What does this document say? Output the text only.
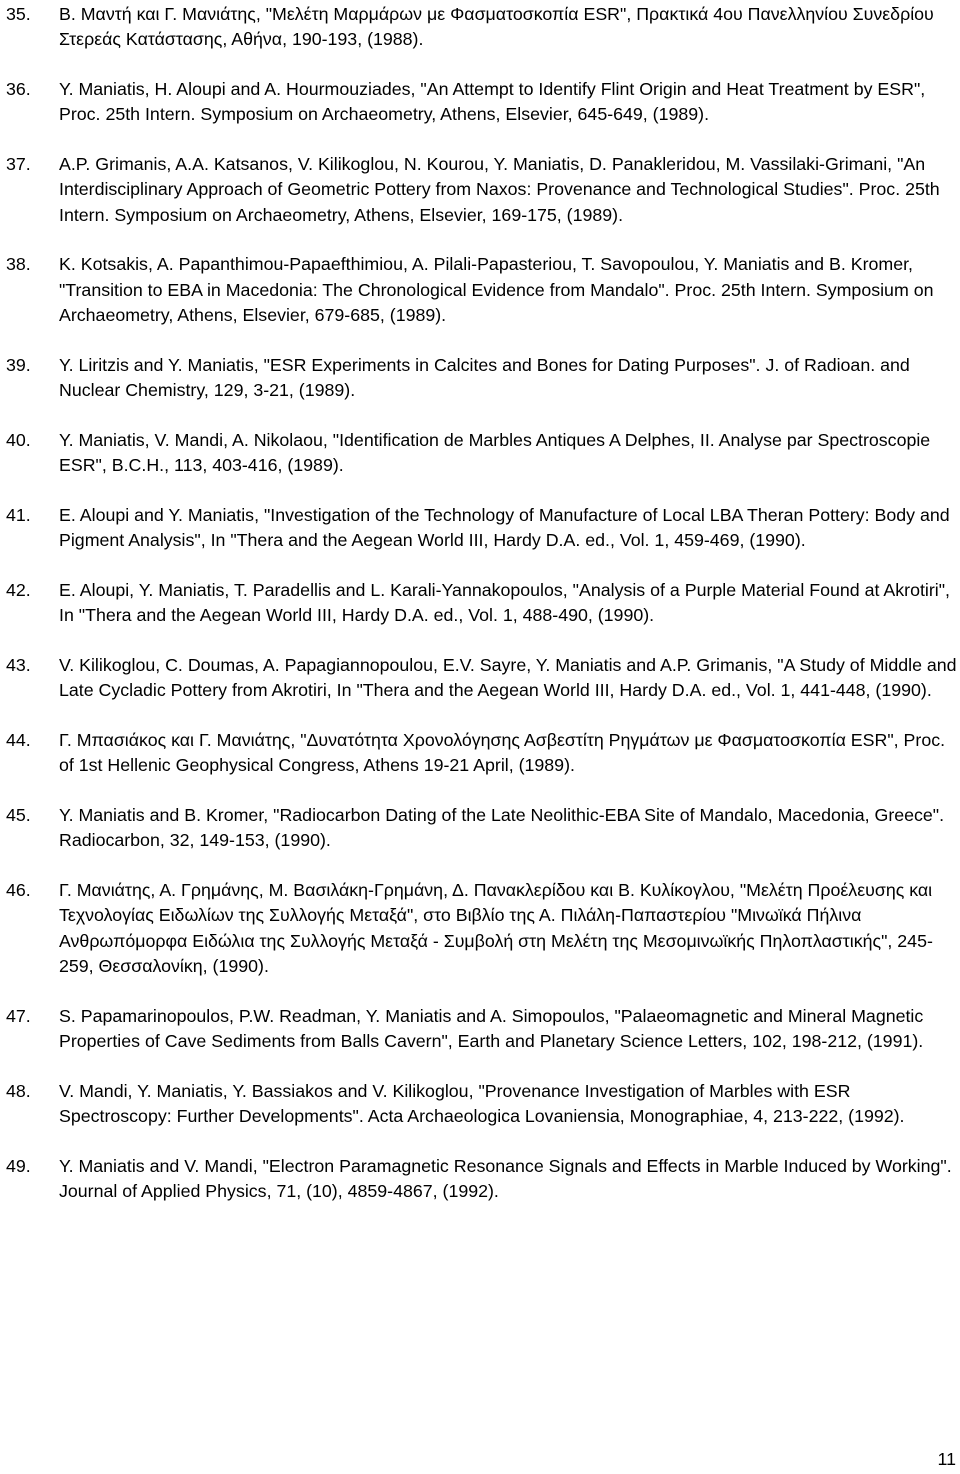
35. Β. Μαντή και Γ. Μανιάτης, "Μελέτη Μαρμάρων με Φασματοσκοπία ESR", Πρακτικά 4ου Πανελληνίου Συνεδρίου Στερεάς Κατάστασης, Αθήνα, 190-193, (1988).
36. Y. Maniatis, H. Aloupi and A. Hourmouziades, "An Attempt to Identify Flint Origin and Heat Treatment by ESR", Proc. 25th Intern. Symposium on Archaeometry, Athens, Elsevier, 645-649, (1989).
37. A.P. Grimanis, A.A. Katsanos, V. Kilikoglou, N. Kourou, Y. Maniatis, D. Panakleridou, M. Vassilaki-Grimani, "An Interdisciplinary Approach of Geometric Pottery from Naxos: Provenance and Technological Studies". Proc. 25th Intern. Symposium on Archaeometry, Athens, Elsevier, 169-175, (1989).
38. K. Kotsakis, A. Papanthimou-Papaefthimiou, A. Pilali-Papasteriou, T. Savopoulou, Y. Maniatis and B. Kromer, "Transition to EBA in Macedonia: The Chronological Evidence from Mandalo". Proc. 25th Intern. Symposium on Archaeometry, Athens, Elsevier, 679-685, (1989).
39. Y. Liritzis and Y. Maniatis, "ESR Experiments in Calcites and Bones for Dating Purposes". J. of Radioan. and Nuclear Chemistry, 129, 3-21, (1989).
40. Y. Maniatis, V. Mandi, A. Nikolaou, "Identification de Marbles Antiques A Delphes, II. Analyse par Spectroscopie ESR", B.C.H., 113, 403-416, (1989).
41. E. Aloupi and Y. Maniatis, "Investigation of the Technology of Manufacture of Local LBA Theran Pottery: Body and Pigment Analysis", In "Thera and the Aegean World III, Hardy D.A. ed., Vol. 1, 459-469, (1990).
42. E. Aloupi, Y. Maniatis, T. Paradellis and L. Karali-Yannakopoulos, "Analysis of a Purple Material Found at Akrotiri", In "Thera and the Aegean World III, Hardy D.A. ed., Vol. 1, 488-490, (1990).
43. V. Kilikoglou, C. Doumas, A. Papagiannopoulou, E.V. Sayre, Y. Maniatis and A.P. Grimanis, "A Study of Middle and Late Cycladic Pottery from Akrotiri, In "Thera and the Aegean World III, Hardy D.A. ed., Vol. 1, 441-448, (1990).
44. Γ. Μπασιάκος και Γ. Μανιάτης, "Δυνατότητα Χρονολόγησης Ασβεστίτη Ρηγμάτων με Φασματοσκοπία ESR", Proc. of 1st Hellenic Geophysical Congress, Athens 19-21 April, (1989).
45. Y. Maniatis and B. Kromer, "Radiocarbon Dating of the Late Neolithic-EBA Site of Mandalo, Macedonia, Greece". Radiocarbon, 32, 149-153, (1990).
46. Γ. Μανιάτης, Α. Γρημάνης, Μ. Βασιλάκη-Γρημάνη, Δ. Πανακλερίδου και Β. Κυλίκογλου, "Μελέτη Προέλευσης και Τεχνολογίας Ειδωλίων της Συλλογής Μεταξά", στο Βιβλίο της Α. Πιλάλη-Παπαστερίου "Μινωϊκά Πήλινα Ανθρωπόμορφα Ειδώλια της Συλλογής Μεταξά - Συμβολή στη Μελέτη της Μεσομινωϊκής Πηλοπλαστικής", 245-259, Θεσσαλονίκη, (1990).
47. S. Papamarinopoulos, P.W. Readman, Y. Maniatis and A. Simopoulos, "Palaeomagnetic and Mineral Magnetic Properties of Cave Sediments from Balls Cavern", Earth and Planetary Science Letters, 102, 198-212, (1991).
48. V. Mandi, Y. Maniatis, Y. Bassiakos and V. Kilikoglou, "Provenance Investigation of Marbles with ESR Spectroscopy: Further Developments". Acta Archaeologica Lovaniensia, Monographiae, 4, 213-222, (1992).
49. Y. Maniatis and V. Mandi, "Electron Paramagnetic Resonance Signals and Effects in Marble Induced by Working". Journal of Applied Physics, 71, (10), 4859-4867, (1992).
11
